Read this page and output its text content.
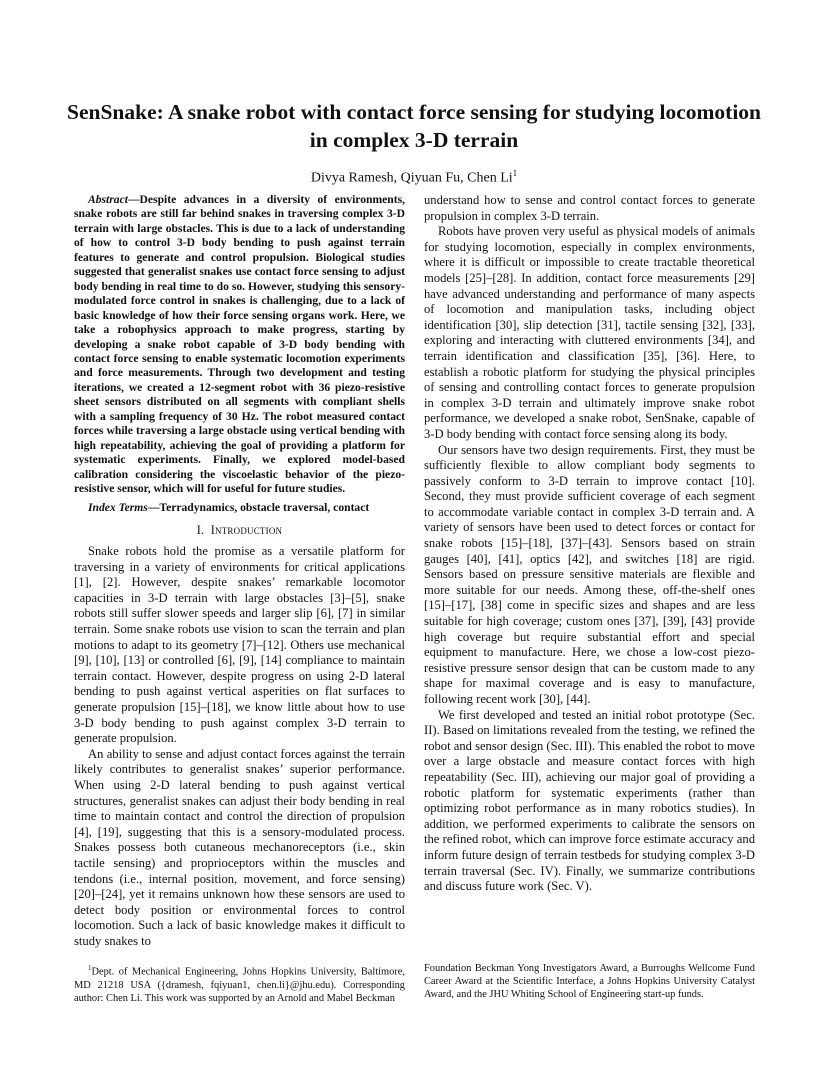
SenSnake: A snake robot with contact force sensing for studying locomotion in complex 3-D terrain
Divya Ramesh, Qiyuan Fu, Chen Li$^1$

Abstract—Despite advances in a diversity of environments, snake robots are still far behind snakes in traversing complex 3-D terrain with large obstacles. This is due to a lack of understanding of how to control 3-D body bending to push against terrain features to generate and control propulsion. Biological studies suggested that generalist snakes use contact force sensing to adjust body bending in real time to do so. However, studying this sensory-modulated force control in snakes is challenging, due to a lack of basic knowledge of how their force sensing organs work. Here, we take a robophysics approach to make progress, starting by developing a snake robot capable of 3-D body bending with contact force sensing to enable systematic locomotion experiments and force measurements. Through two development and testing iterations, we created a 12-segment robot with 36 piezo-resistive sheet sensors distributed on all segments with compliant shells with a sampling frequency of 30 Hz. The robot measured contact forces while traversing a large obstacle using vertical bending with high repeatability, achieving the goal of providing a platform for systematic experiments. Finally, we explored model-based calibration considering the viscoelastic behavior of the piezo-resistive sensor, which will for useful for future studies.

Index Terms—Terradynamics, obstacle traversal, contact

I. Introduction

Snake robots hold the promise as a versatile platform for traversing in a variety of environments for critical applications [1], [2]. However, despite snakes’ remarkable locomotor capacities in 3-D terrain with large obstacles [3]–[5], snake robots still suffer slower speeds and larger slip [6], [7] in similar terrain. Some snake robots use vision to scan the terrain and plan motions to adapt to its geometry [7]–[12]. Others use mechanical [9], [10], [13] or controlled [6], [9], [14] compliance to maintain terrain contact. However, despite progress on using 2-D lateral bending to push against vertical asperities on flat surfaces to generate propulsion [15]–[18], we know little about how to use 3-D body bending to push against complex 3-D terrain to generate propulsion.

An ability to sense and adjust contact forces against the terrain likely contributes to generalist snakes’ superior performance. When using 2-D lateral bending to push against vertical structures, generalist snakes can adjust their body bending in real time to maintain contact and control the direction of propulsion [4], [19], suggesting that this is a sensory-modulated process. Snakes possess both cutaneous mechanoreceptors (i.e., skin tactile sensing) and proprioceptors within the muscles and tendons (i.e., internal position, movement, and force sensing) [20]–[24], yet it remains unknown how these sensors are used to detect body position or environmental forces to control locomotion. Such a lack of basic knowledge makes it difficult to study snakes to

understand how to sense and control contact forces to generate propulsion in complex 3-D terrain.

Robots have proven very useful as physical models of animals for studying locomotion, especially in complex environments, where it is difficult or impossible to create tractable theoretical models [25]–[28]. In addition, contact force measurements [29] have advanced understanding and performance of many aspects of locomotion and manipulation tasks, including object identification [30], slip detection [31], tactile sensing [32], [33], exploring and interacting with cluttered environments [34], and terrain identification and classification [35], [36]. Here, to establish a robotic platform for studying the physical principles of sensing and controlling contact forces to generate propulsion in complex 3-D terrain and ultimately improve snake robot performance, we developed a snake robot, SenSnake, capable of 3-D body bending with contact force sensing along its body.

Our sensors have two design requirements. First, they must be sufficiently flexible to allow compliant body segments to passively conform to 3-D terrain to improve contact [10]. Second, they must provide sufficient coverage of each segment to accommodate variable contact in complex 3-D terrain and. A variety of sensors have been used to detect forces or contact for snake robots [15]–[18], [37]–[43]. Sensors based on strain gauges [40], [41], optics [42], and switches [18] are rigid. Sensors based on pressure sensitive materials are flexible and more suitable for our needs. Among these, off-the-shelf ones [15]–[17], [38] come in specific sizes and shapes and are less suitable for high coverage; custom ones [37], [39], [43] provide high coverage but require substantial effort and special equipment to manufacture. Here, we chose a low-cost piezo-resistive pressure sensor design that can be custom made to any shape for maximal coverage and is easy to manufacture, following recent work [30], [44].

We first developed and tested an initial robot prototype (Sec. II). Based on limitations revealed from the testing, we refined the robot and sensor design (Sec. III). This enabled the robot to move over a large obstacle and measure contact forces with high repeatability (Sec. III), achieving our major goal of providing a robotic platform for systematic experiments (rather than optimizing robot performance as in many robotics studies). In addition, we performed experiments to calibrate the sensors on the refined robot, which can improve force estimate accuracy and inform future design of terrain testbeds for studying complex 3-D terrain traversal (Sec. IV). Finally, we summarize contributions and discuss future work (Sec. V).

$^1$Dept. of Mechanical Engineering, Johns Hopkins University, Baltimore, MD 21218 USA ({dramesh, fqiyuan1, chen.li}@jhu.edu). Corresponding author: Chen Li. This work was supported by an Arnold and Mabel Beckman

Foundation Beckman Yong Investigators Award, a Burroughs Wellcome Fund Career Award at the Scientific Interface, a Johns Hopkins University Catalyst Award, and the JHU Whiting School of Engineering start-up funds.
